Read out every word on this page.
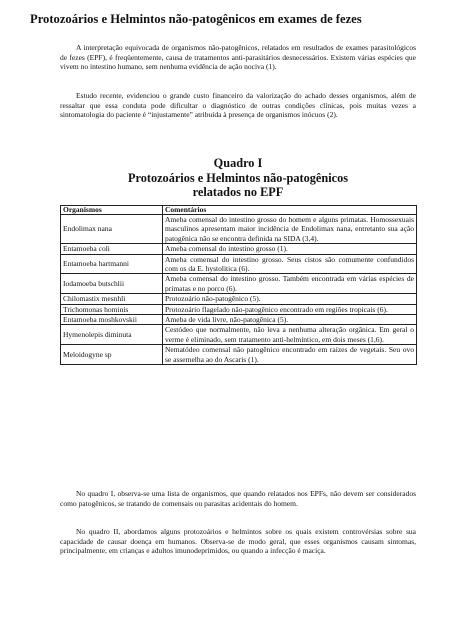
Protozoários e Helmintos não-patogênicos em exames de fezes

A interpretação equivocada de organismos não-patogênicos, relatados em resultados de exames parasitológicos de fezes (EPF), é freqüentemente, causa de tratamentos anti-parasitários desnecessários. Existem várias espécies que vivem no intestino humano, sem nenhuma evidência de ação nociva (1).

Estudo recente, evidenciou o grande custo financeiro da valorização do achado desses organismos, além de ressaltar que essa conduta pode dificultar o diagnóstico de outras condições clínicas, pois muitas vezes a sintomatologia do paciente é “injustamente” atribuída à presença de organismos inócuos (2).

Quadro I
Protozoários e Helmintos não-patogênicos
relatados no EPF
Organismos	Comentários
Endolimax nana	Ameba comensal do intestino grosso do homem e alguns primatas. Homossexuais masculinos apresentam maior incidência de Endolimax nana, entretanto sua ação patogênica não se encontra definida na SIDA (3,4).
Entamoeba coli	Ameba comensal do intestino grosso (1).
Entamoeba hartmanni	Ameba comensal do intestino grosso. Seus cistos são comumente confundidos com os da E. hystolitica (6).
Iodamoeba butschlii	Ameba comensal do intestino grosso. Também encontrada em várias espécies de primatas e no porco (6).
Chilomastix mesnhli	Protozoário não-patogênico (5).
Trichomonas hominis	Protozoário flagelado não-patogênico encontrado em regiões tropicais (6).
Entamoeba moshkovskii	Ameba de vida livre, não-patogênica (5).
Hymenolepis diminuta	Cestódeo que normalmente, não leva a nenhuma alteração orgânica. Em geral o verme é eliminado, sem tratamento anti-helmíntico, em dois meses (1,6).
Meloidogyne sp	Nematódeo comensal não patogênico encontrado em raízes de vegetais. Seu ovo se assemelha ao do Ascaris (1).

No quadro I, observa-se uma lista de organismos, que quando relatados nos EPFs, não devem ser considerados como patogênicos, se tratando de comensais ou parasitas acidentais do homem.

No quadro II, abordamos alguns protozoários e helmintos sobre os quais existem controvérsias sobre sua capacidade de causar doença em humanos. Observa-se de modo geral, que esses organismos causam sintomas, principalmente, em crianças e adultos imunodeprimidos, ou quando a infecção é maciça.
